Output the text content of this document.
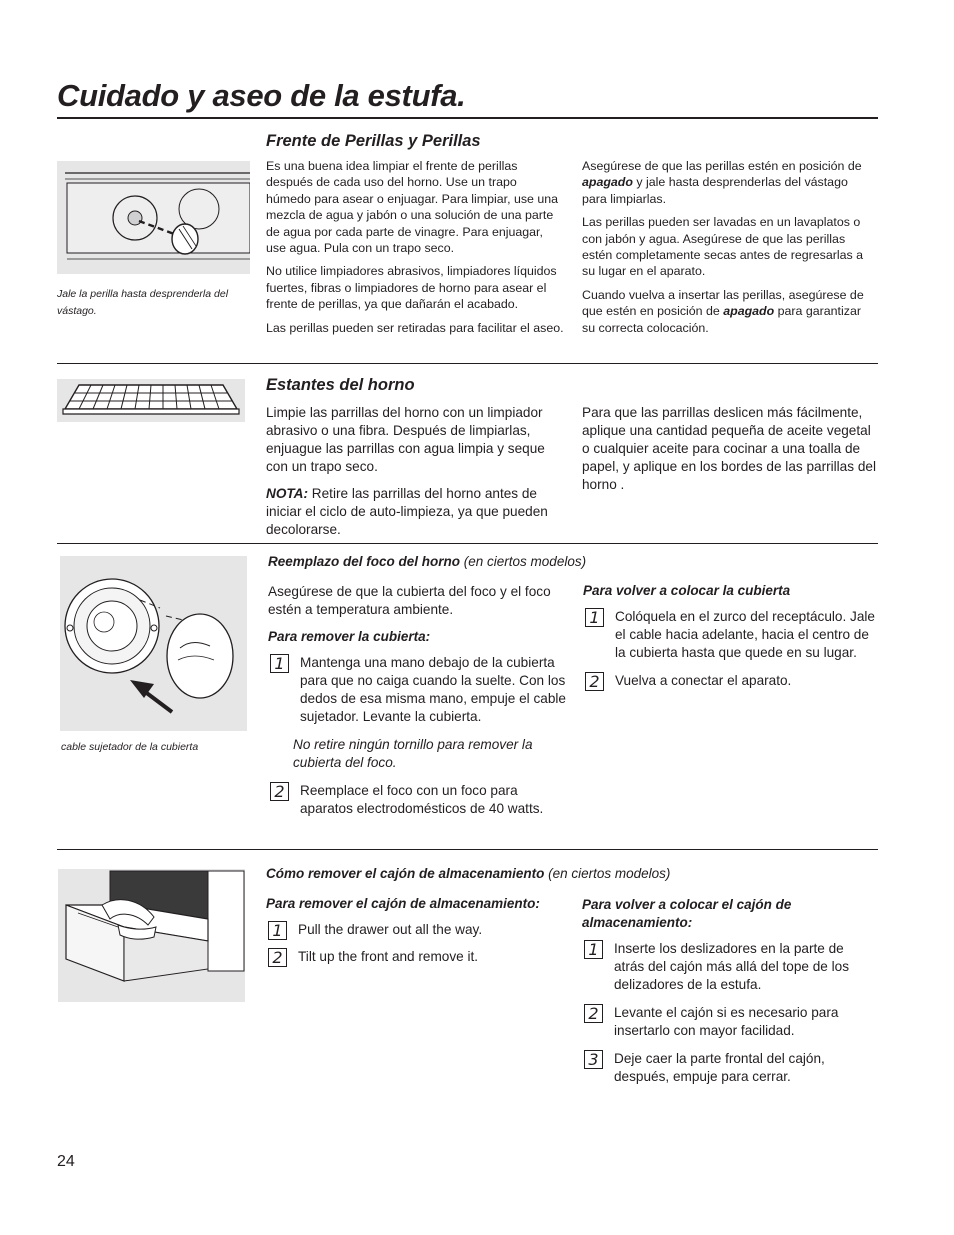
Cuidado y aseo de la estufa.
Frente de Perillas y Perillas
Jale la perilla hasta desprenderla del vástago.

Es una buena idea limpiar el frente de perillas después de cada uso del horno. Use un trapo húmedo para asear o enjuagar. Para limpiar, use una mezcla de agua y jabón o una solución de una parte de agua por cada parte de vinagre. Para enjuagar, use agua. Pula con un trapo seco.

No utilice limpiadores abrasivos, limpiadores líquidos fuertes, fibras o limpiadores de horno para asear el frente de perillas, ya que dañarán el acabado.

Las perillas pueden ser retiradas para facilitar el aseo.

Asegúrese de que las perillas estén en posición de apagado y jale hasta desprenderlas del vástago para limpiarlas.

Las perillas pueden ser lavadas en un lavaplatos o con jabón y agua. Asegúrese de que las perillas estén completamente secas antes de regresarlas a su lugar en el aparato.

Cuando vuelva a insertar las perillas, asegúrese de que estén en posición de apagado para garantizar su correcta colocación.

Estantes del horno

Limpie las parrillas del horno con un limpiador abrasivo o una fibra. Después de limpiarlas, enjuague las parrillas con agua limpia y seque con un trapo seco.

NOTA: Retire las parrillas del horno antes de iniciar el ciclo de auto-limpieza, ya que pueden decolorarse.

Para que las parrillas deslicen más fácilmente, aplique una cantidad pequeña de aceite vegetal o cualquier aceite para cocinar a una toalla de papel, y aplique en los bordes de las parrillas del horno .

cable sujetador de la cubierta
Reemplazo del foco del horno (en ciertos modelos)

Asegúrese de que la cubierta del foco y el foco estén a temperatura ambiente.

Para remover la cubierta:
1	Mantenga una mano debajo de la cubierta para que no caiga cuando la suelte. Con los dedos de esa misma mano, empuje el cable sujetador. Levante la cubierta.
No retire ningún tornillo para remover la cubierta del foco.
2	Reemplace el foco con un foco para aparatos electrodomésticos de 40 watts.
Para volver a colocar la cubierta
1	Colóquela en el zurco del receptáculo. Jale el cable hacia adelante, hacia el centro de la cubierta hasta que quede en su lugar.
2	Vuelva a conectar el aparato.
Cómo remover el cajón de almacenamiento (en ciertos modelos)
Para remover el cajón de almacenamiento:
1	Pull the drawer out all the way.
2	Tilt up the front and remove it.
Para volver a colocar el cajón de almacenamiento:
1	Inserte los deslizadores en la parte de atrás del cajón más allá del tope de los delizadores de la estufa.
2	Levante el cajón si es necesario para insertarlo con mayor facilidad.
3	Deje caer la parte frontal del cajón, después, empuje para cerrar.
24
